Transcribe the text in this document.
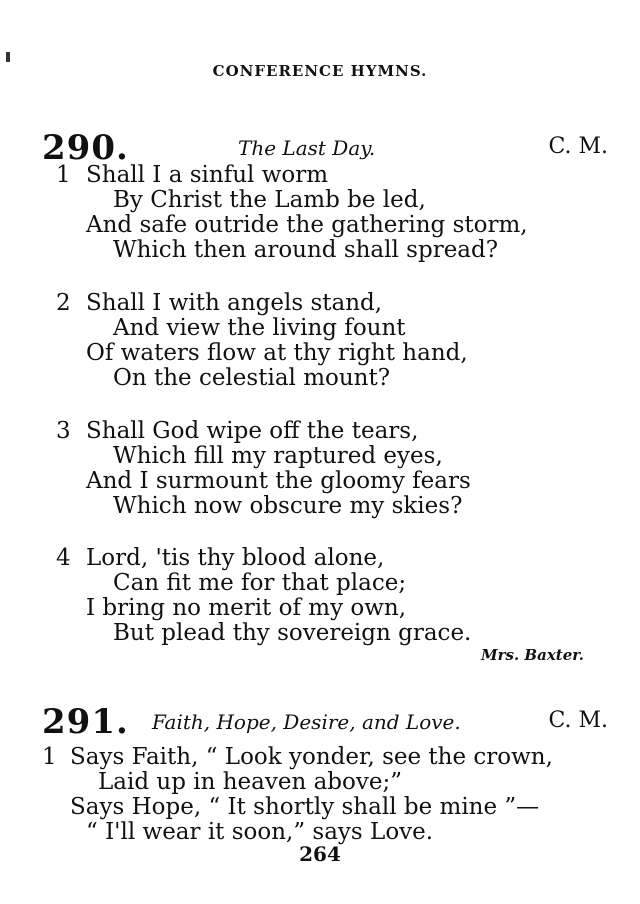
CONFERENCE HYMNS.
290.	The Last Day.	C. M.
1 Shall I a sinful worm
By Christ the Lamb be led,
And safe outride the gathering storm,
Which then around shall spread?
2 Shall I with angels stand,
And view the living fount
Of waters flow at thy right hand,
On the celestial mount?
3 Shall God wipe off the tears,
Which fill my raptured eyes,
And I surmount the gloomy fears
Which now obscure my skies?
4 Lord, 'tis thy blood alone,
Can fit me for that place;
I bring no merit of my own,
But plead thy sovereign grace.
Mrs. Baxter.
291. Faith, Hope, Desire, and Love.	C. M.
1 Says Faith, “ Look yonder, see the crown,
Laid up in heaven above;”
Says Hope, “ It shortly shall be mine ”—
“ I'll wear it soon,” says Love.
264
